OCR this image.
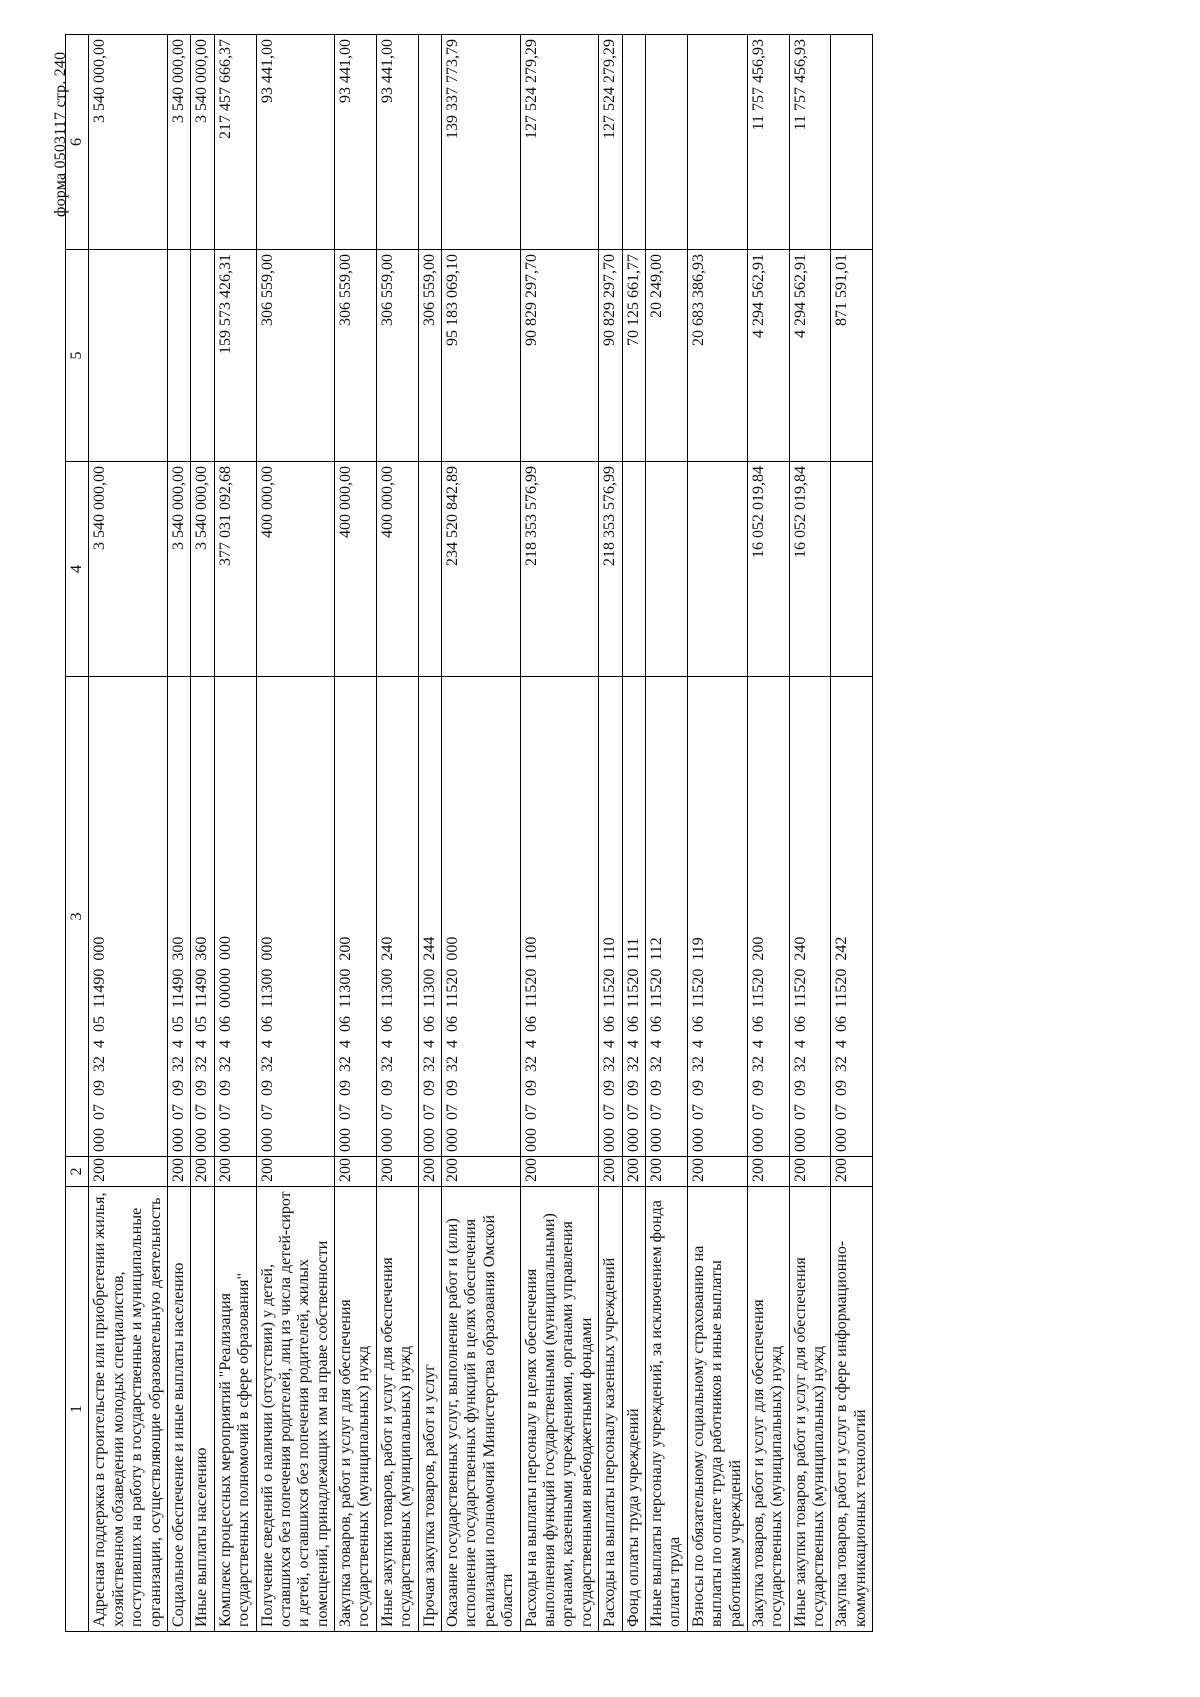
форма 0503117 стр. 240
1	2	3	4	5	6
Адресная поддержка в строительстве или приобретении жилья, хозяйственном обзаведении молодых специалистов, поступивших на работу в государственные и муниципальные организации, осуществляющие образовательную деятельность	200	000  07  09  32  4  05  11490  000	3 540 000,00		3 540 000,00
Социальное обеспечение и иные выплаты населению	200	000  07  09  32  4  05  11490  300	3 540 000,00		3 540 000,00
Иные выплаты населению	200	000  07  09  32  4  05  11490  360	3 540 000,00		3 540 000,00
Комплекс процессных мероприятий "Реализация государственных полномочий в сфере образования"	200	000  07  09  32  4  06  00000  000	377 031 092,68	159 573 426,31	217 457 666,37
Получение сведений о наличии (отсутствии) у детей, оставшихся без попечения родителей, лиц из числа детей-сирот и детей, оставшихся без попечения родителей, жилых помещений, принадлежащих им на праве собственности	200	000  07  09  32  4  06  11300  000	400 000,00	306 559,00	93 441,00
Закупка товаров, работ и услуг для обеспечения государственных (муниципальных) нужд	200	000  07  09  32  4  06  11300  200	400 000,00	306 559,00	93 441,00
Иные закупки товаров, работ и услуг для обеспечения государственных (муниципальных) нужд	200	000  07  09  32  4  06  11300  240	400 000,00	306 559,00	93 441,00
Прочая закупка товаров, работ и услуг	200	000  07  09  32  4  06  11300  244		306 559,00	
Оказание государственных услуг, выполнение работ и (или) исполнение государственных функций в целях обеспечения реализации полномочий Министерства образования Омской области	200	000  07  09  32  4  06  11520  000	234 520 842,89	95 183 069,10	139 337 773,79
Расходы на выплаты персоналу в целях обеспечения выполнения функций государственными (муниципальными) органами, казенными учреждениями, органами управления государственными внебюджетными фондами	200	000  07  09  32  4  06  11520  100	218 353 576,99	90 829 297,70	127 524 279,29
Расходы на выплаты персоналу казенных учреждений	200	000  07  09  32  4  06  11520  110	218 353 576,99	90 829 297,70	127 524 279,29
Фонд оплаты труда учреждений	200	000  07  09  32  4  06  11520  111		70 125 661,77	
Иные выплаты персоналу учреждений, за исключением фонда оплаты труда	200	000  07  09  32  4  06  11520  112		20 249,00	
Взносы по обязательному социальному страхованию на выплаты по оплате труда работников и иные выплаты работникам учреждений	200	000  07  09  32  4  06  11520  119		20 683 386,93	
Закупка товаров, работ и услуг для обеспечения государственных (муниципальных) нужд	200	000  07  09  32  4  06  11520  200	16 052 019,84	4 294 562,91	11 757 456,93
Иные закупки товаров, работ и услуг для обеспечения государственных (муниципальных) нужд	200	000  07  09  32  4  06  11520  240	16 052 019,84	4 294 562,91	11 757 456,93
Закупка товаров, работ и услуг в сфере информационно-коммуникационных технологий	200	000  07  09  32  4  06  11520  242		871 591,01	
